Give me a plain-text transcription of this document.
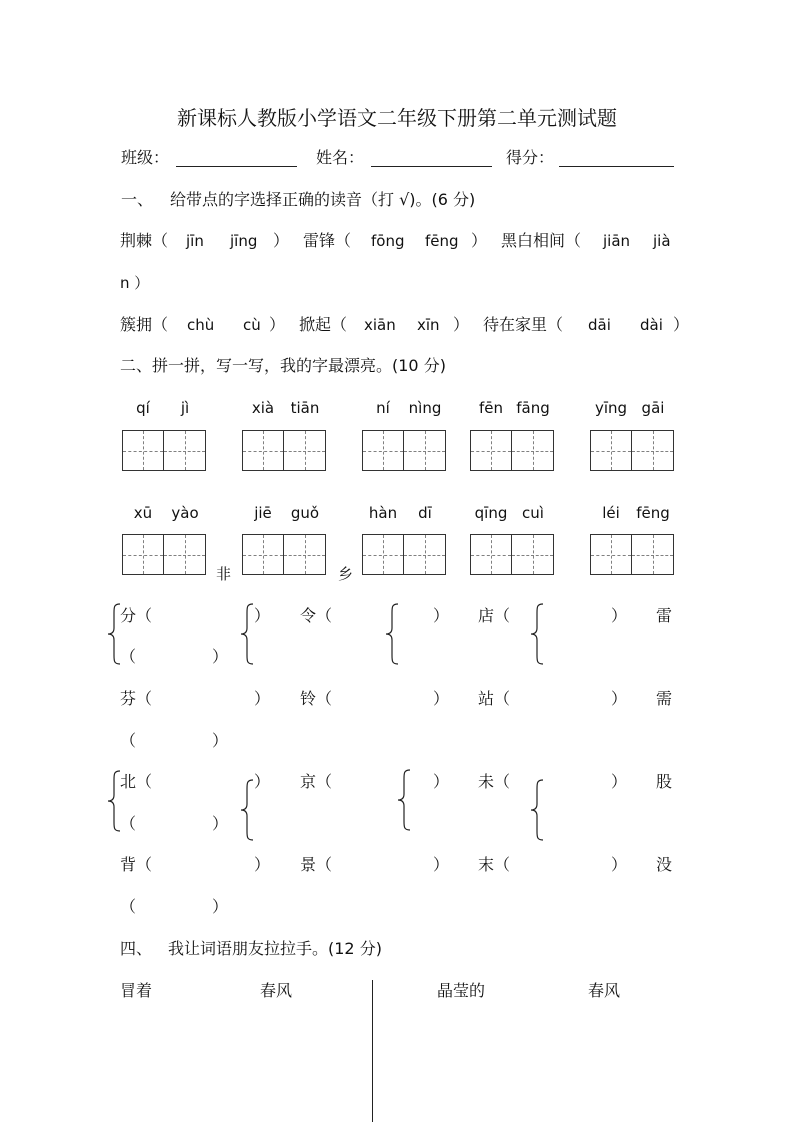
新课标人教版小学语文二年级下册第二单元测试题
班级：	姓名：	得分：
一、 给带点的字选择正确的读音（打 √)。(6 分)
荆棘（ jīn jīng ） 雷锋（ fōng fēng ） 黑白相间（ jiān jià
n ）
簇拥（ chù cù ） 掀起（ xiān xīn ） 待在家里（ dāi dài ）
二、拼一拼，写一写，我的字最漂亮。(10 分)
qí	jì	xià	tiān	ní	nìng	fēn fāng	yīng gāi
xū	yào	jiē	guǒ	hàn	dī	qīng cuì	léi	fēng
非	乡
分（	） 令（	） 店（	） 雷
（	）
芬（	） 铃（	） 站（	） 需
（	）
北（	） 京（	） 未（	） 股
（	）
背（	） 景（	） 末（	） 没
（	）
四、 我让词语朋友拉拉手。(12 分)
冒着	春风	晶莹的	春风
